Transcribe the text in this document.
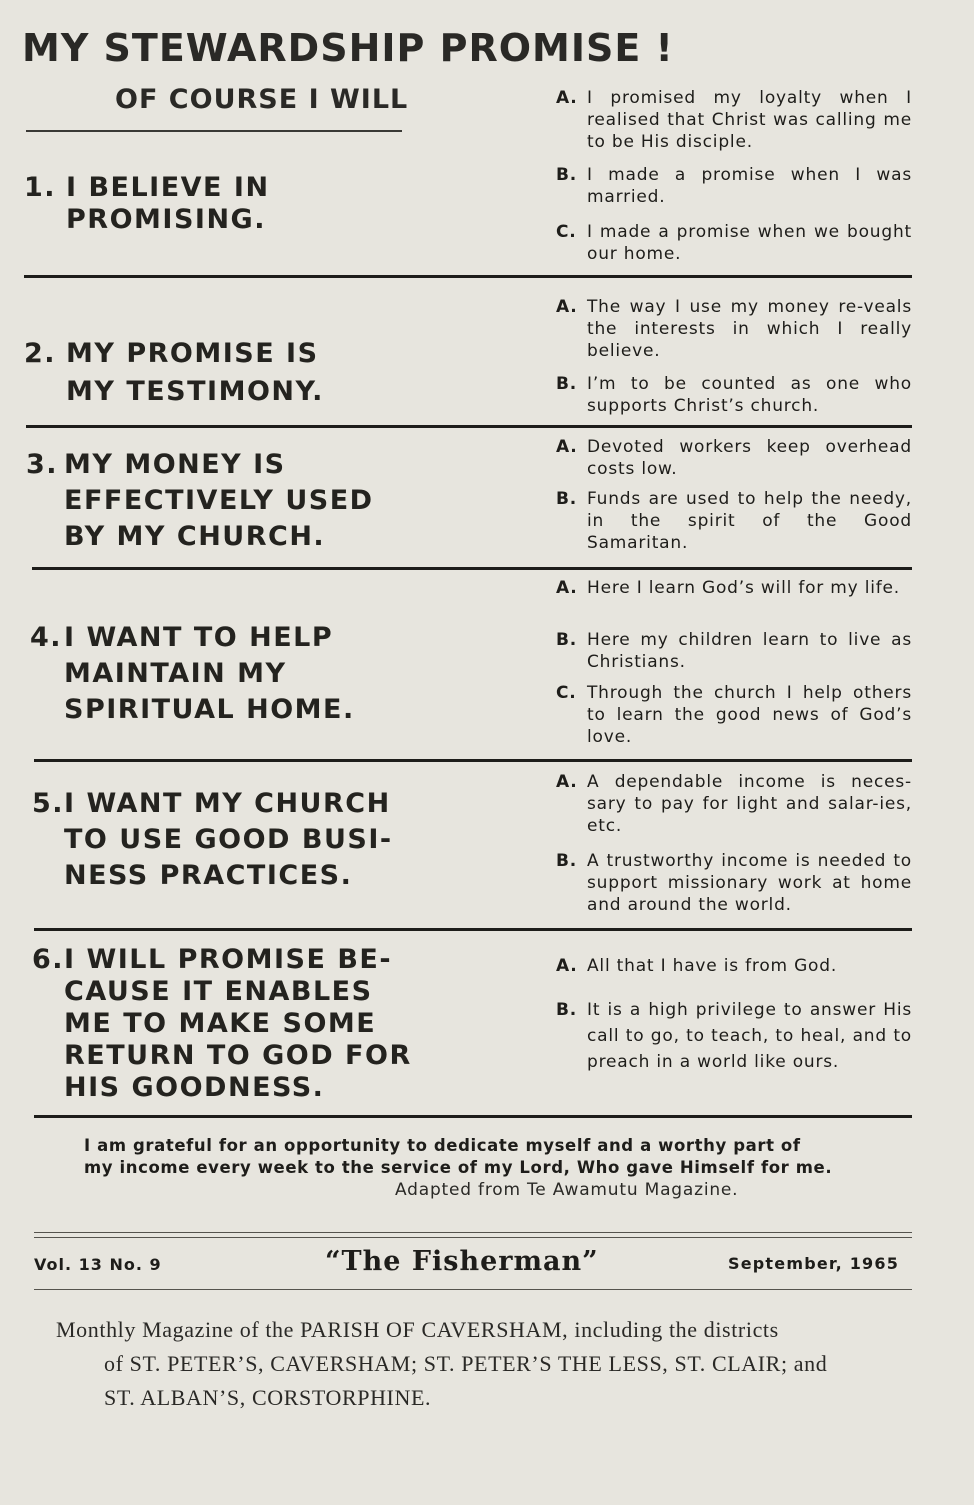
MY STEWARDSHIP PROMISE !
OF COURSE I WILL
1. I BELIEVE IN
PROMISING.
A. I promised my loyalty when I realised that Christ was calling me to be His disciple.
B. I made a promise when I was married.
C. I made a promise when we bought our home.
2. MY PROMISE IS
MY TESTIMONY.
A. The way I use my money re-veals the interests in which I really believe.
B. I’m to be counted as one who supports Christ’s church.
3. MY MONEY IS
EFFECTIVELY USED
BY MY CHURCH.
A. Devoted workers keep overhead costs low.
B. Funds are used to help the needy, in the spirit of the Good Samaritan.
4. I WANT TO HELP
MAINTAIN MY
SPIRITUAL HOME.
A. Here I learn God’s will for my life.
B. Here my children learn to live as Christians.
C. Through the church I help others to learn the good news of God’s love.
5. I WANT MY CHURCH
TO USE GOOD BUSI-
NESS PRACTICES.
A. A dependable income is neces-sary to pay for light and salar-ies, etc.
B. A trustworthy income is needed to support missionary work at home and around the world.
6. I WILL PROMISE BE-
CAUSE IT ENABLES
ME TO MAKE SOME
RETURN TO GOD FOR
HIS GOODNESS.
A. All that I have is from God.
B. It is a high privilege to answer His call to go, to teach, to heal, and to preach in a world like ours.
I am grateful for an opportunity to dedicate myself and a worthy part of
my income every week to the service of my Lord, Who gave Himself for me.
Adapted from Te Awamutu Magazine.
Vol. 13 No. 9	“The Fisherman”	September, 1965
Monthly Magazine of the PARISH OF CAVERSHAM, including the districts
of ST. PETER’S, CAVERSHAM; ST. PETER’S THE LESS, ST. CLAIR; and
ST. ALBAN’S, CORSTORPHINE.
